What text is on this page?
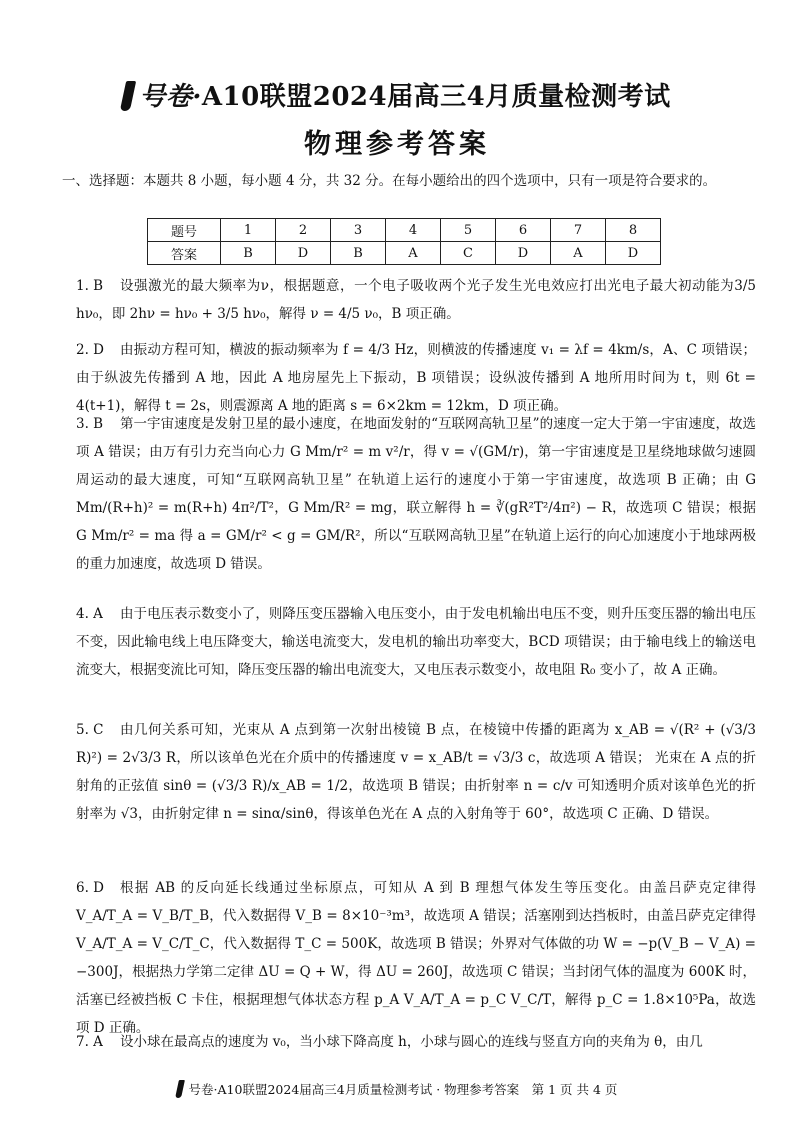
号卷·A10联盟2024届高三4月质量检测考试
物理参考答案
一、选择题：本题共 8 小题，每小题 4 分，共 32 分。在每小题给出的四个选项中，只有一项是符合要求的。
题号	1	2	3	4	5	6	7	8
答案	B	D	B	A	C	D	A	D
1. B	设强激光的最大频率为ν，根据题意，一个电子吸收两个光子发生光电效应打出光电子最大初动能为3/5 hν₀，即 2hν = hν₀ + 3/5 hν₀，解得 ν = 4/5 ν₀，B 项正确。
2. D	由振动方程可知，横波的振动频率为 f = 4/3 Hz，则横波的传播速度 v₁ = λf = 4km/s，A、C 项错误；由于纵波先传播到 A 地，因此 A 地房屋先上下振动，B 项错误；设纵波传播到 A 地所用时间为 t，则 6t = 4(t+1)，解得 t = 2s，则震源离 A 地的距离 s = 6×2km = 12km，D 项正确。
3. B	第一宇宙速度是发射卫星的最小速度，在地面发射的“互联网高轨卫星”的速度一定大于第一宇宙速度，故选项 A 错误；由万有引力充当向心力 G Mm/r² = m v²/r，得 v = √(GM/r)，第一宇宙速度是卫星绕地球做匀速圆周运动的最大速度，可知“互联网高轨卫星” 在轨道上运行的速度小于第一宇宙速度，故选项 B 正确；由 G Mm/(R+h)² = m(R+h) 4π²/T²，G Mm/R² = mg，联立解得 h = ∛(gR²T²/4π²) − R，故选项 C 错误；根据 G Mm/r² = ma 得 a = GM/r² < g = GM/R²，所以“互联网高轨卫星”在轨道上运行的向心加速度小于地球两极的重力加速度，故选项 D 错误。
4. A	由于电压表示数变小了，则降压变压器输入电压变小，由于发电机输出电压不变，则升压变压器的输出电压不变，因此输电线上电压降变大，输送电流变大，发电机的输出功率变大，BCD 项错误；由于输电线上的输送电流变大，根据变流比可知，降压变压器的输出电流变大，又电压表示数变小，故电阻 R₀ 变小了，故 A 正确。
5. C	由几何关系可知，光束从 A 点到第一次射出棱镜 B 点，在棱镜中传播的距离为 x_AB = √(R² + (√3/3 R)²) = 2√3/3 R，所以该单色光在介质中的传播速度 v = x_AB/t = √3/3 c，故选项 A 错误； 光束在 A 点的折射角的正弦值 sinθ = (√3/3 R)/x_AB = 1/2，故选项 B 错误；由折射率 n = c/v 可知透明介质对该单色光的折射率为 √3，由折射定律 n = sinα/sinθ，得该单色光在 A 点的入射角等于 60°，故选项 C 正确、D 错误。
6. D	根据 AB 的反向延长线通过坐标原点，可知从 A 到 B 理想气体发生等压变化。由盖吕萨克定律得 V_A/T_A = V_B/T_B，代入数据得 V_B = 8×10⁻³m³，故选项 A 错误；活塞刚到达挡板时，由盖吕萨克定律得 V_A/T_A = V_C/T_C，代入数据得 T_C = 500K，故选项 B 错误；外界对气体做的功 W = −p(V_B − V_A) = −300J，根据热力学第二定律 ΔU = Q + W，得 ΔU = 260J，故选项 C 错误；当封闭气体的温度为 600K 时，活塞已经被挡板 C 卡住，根据理想气体状态方程 p_A V_A/T_A = p_C V_C/T，解得 p_C = 1.8×10⁵Pa，故选项 D 正确。
7. A	设小球在最高点的速度为 v₀，当小球下降高度 h，小球与圆心的连线与竖直方向的夹角为 θ，由几
号卷·A10联盟2024届高三4月质量检测考试 · 物理参考答案　第 1 页 共 4 页
